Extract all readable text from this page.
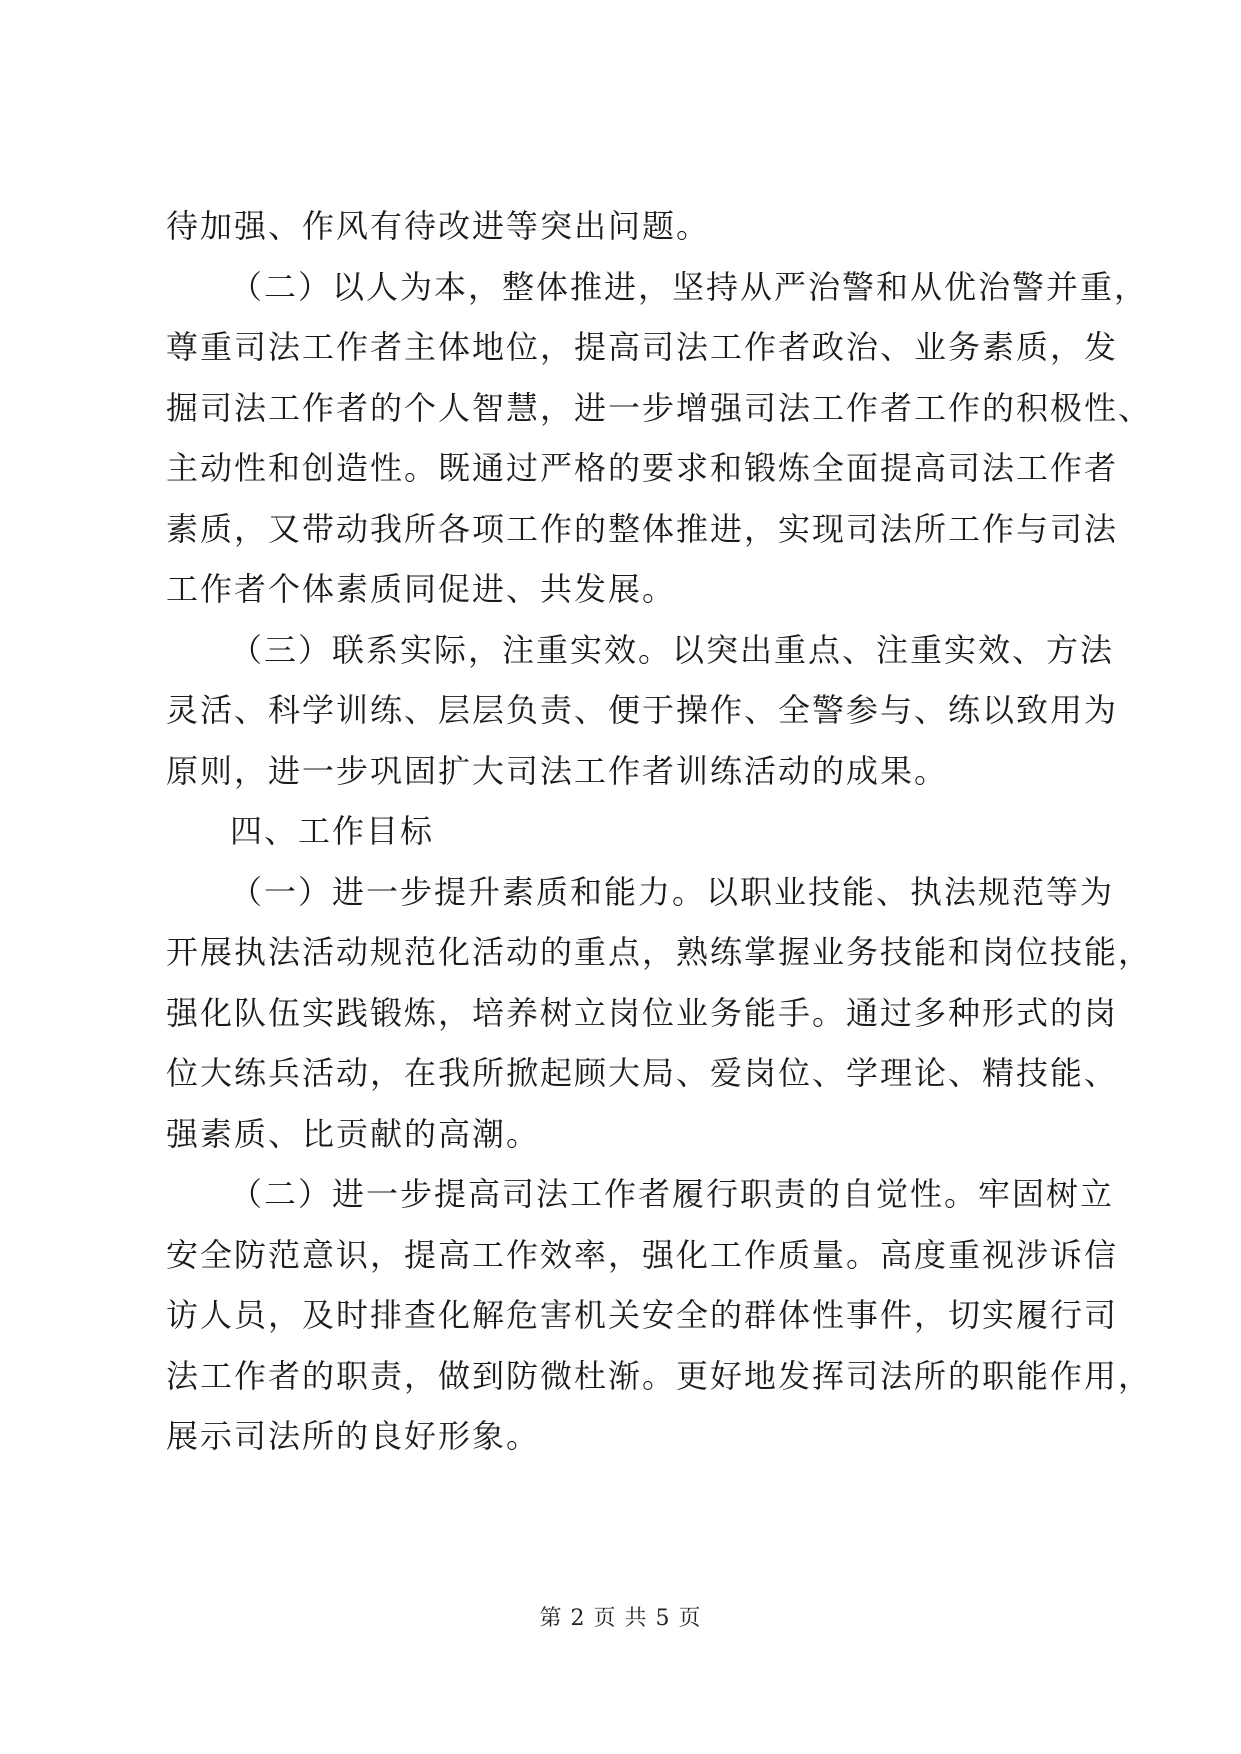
待加强、作风有待改进等突出问题。
（二）以人为本，整体推进，坚持从严治警和从优治警并重，
尊重司法工作者主体地位，提高司法工作者政治、业务素质，发
掘司法工作者的个人智慧，进一步增强司法工作者工作的积极性、
主动性和创造性。既通过严格的要求和锻炼全面提高司法工作者
素质，又带动我所各项工作的整体推进，实现司法所工作与司法
工作者个体素质同促进、共发展。
（三）联系实际，注重实效。以突出重点、注重实效、方法
灵活、科学训练、层层负责、便于操作、全警参与、练以致用为
原则，进一步巩固扩大司法工作者训练活动的成果。
四、工作目标
（一）进一步提升素质和能力。以职业技能、执法规范等为
开展执法活动规范化活动的重点，熟练掌握业务技能和岗位技能，
强化队伍实践锻炼，培养树立岗位业务能手。通过多种形式的岗
位大练兵活动，在我所掀起顾大局、爱岗位、学理论、精技能、
强素质、比贡献的高潮。
（二）进一步提高司法工作者履行职责的自觉性。牢固树立
安全防范意识，提高工作效率，强化工作质量。高度重视涉诉信
访人员，及时排查化解危害机关安全的群体性事件，切实履行司
法工作者的职责，做到防微杜渐。更好地发挥司法所的职能作用，
展示司法所的良好形象。
第 2 页 共 5 页
